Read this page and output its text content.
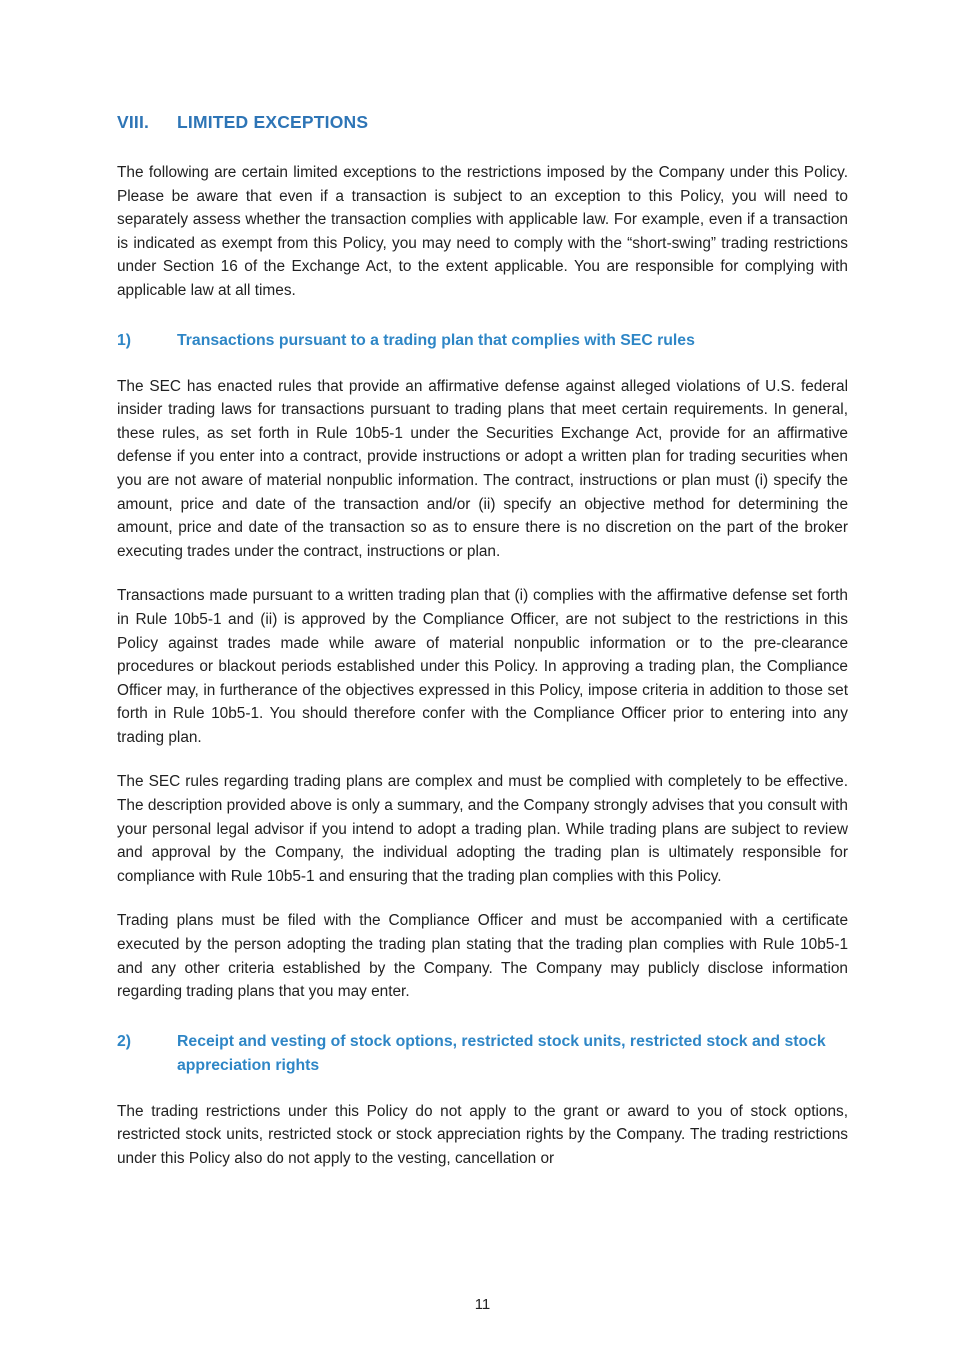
VIII.	LIMITED EXCEPTIONS

The following are certain limited exceptions to the restrictions imposed by the Company under this Policy. Please be aware that even if a transaction is subject to an exception to this Policy, you will need to separately assess whether the transaction complies with applicable law. For example, even if a transaction is indicated as exempt from this Policy, you may need to comply with the “short-swing” trading restrictions under Section 16 of the Exchange Act, to the extent applicable. You are responsible for complying with applicable law at all times.

1)	Transactions pursuant to a trading plan that complies with SEC rules

The SEC has enacted rules that provide an affirmative defense against alleged violations of U.S. federal insider trading laws for transactions pursuant to trading plans that meet certain requirements. In general, these rules, as set forth in Rule 10b5-1 under the Securities Exchange Act, provide for an affirmative defense if you enter into a contract, provide instructions or adopt a written plan for trading securities when you are not aware of material nonpublic information. The contract, instructions or plan must (i) specify the amount, price and date of the transaction and/or (ii) specify an objective method for determining the amount, price and date of the transaction so as to ensure there is no discretion on the part of the broker executing trades under the contract, instructions or plan.

Transactions made pursuant to a written trading plan that (i) complies with the affirmative defense set forth in Rule 10b5-1 and (ii) is approved by the Compliance Officer, are not subject to the restrictions in this Policy against trades made while aware of material nonpublic information or to the pre-clearance procedures or blackout periods established under this Policy. In approving a trading plan, the Compliance Officer may, in furtherance of the objectives expressed in this Policy, impose criteria in addition to those set forth in Rule 10b5-1. You should therefore confer with the Compliance Officer prior to entering into any trading plan.

The SEC rules regarding trading plans are complex and must be complied with completely to be effective. The description provided above is only a summary, and the Company strongly advises that you consult with your personal legal advisor if you intend to adopt a trading plan. While trading plans are subject to review and approval by the Company, the individual adopting the trading plan is ultimately responsible for compliance with Rule 10b5-1 and ensuring that the trading plan complies with this Policy.

Trading plans must be filed with the Compliance Officer and must be accompanied with a certificate executed by the person adopting the trading plan stating that the trading plan complies with Rule 10b5-1 and any other criteria established by the Company. The Company may publicly disclose information regarding trading plans that you may enter.

2)	Receipt and vesting of stock options, restricted stock units, restricted stock and stock appreciation rights

The trading restrictions under this Policy do not apply to the grant or award to you of stock options, restricted stock units, restricted stock or stock appreciation rights by the Company. The trading restrictions under this Policy also do not apply to the vesting, cancellation or

11
